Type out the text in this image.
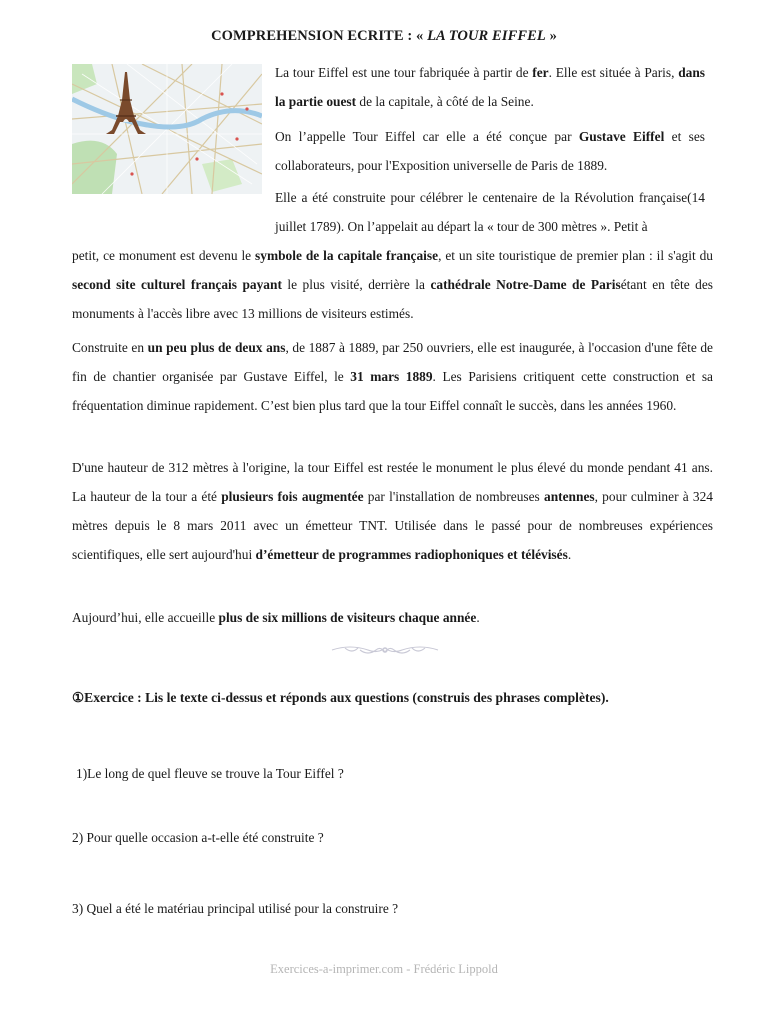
COMPREHENSION ECRITE : « LA TOUR EIFFEL »

La tour Eiffel est une tour fabriquée à partir de fer. Elle est située à Paris, dans la partie ouest de la capitale, à côté de la Seine.

On l’appelle Tour Eiffel car elle a été conçue par Gustave Eiffel et ses collaborateurs, pour l'Exposition universelle de Paris de 1889.

Elle a été construite pour célébrer le centenaire de la Révolution française(14 juillet 1789). On l’appelait au départ la « tour de 300 mètres ». Petit à

petit, ce monument est devenu le symbole de la capitale française, et un site touristique de premier plan : il s'agit du second site culturel français payant le plus visité, derrière la cathédrale Notre-Dame de Parisétant en tête des monuments à l'accès libre avec 13 millions de visiteurs estimés.

Construite en un peu plus de deux ans, de 1887 à 1889, par 250 ouvriers, elle est inaugurée, à l'occasion d'une fête de fin de chantier organisée par Gustave Eiffel, le 31 mars 1889. Les Parisiens critiquent cette construction et sa fréquentation diminue rapidement. C’est bien plus tard que la tour Eiffel connaît le succès, dans les années 1960.

D'une hauteur de 312 mètres à l'origine, la tour Eiffel est restée le monument le plus élevé du monde pendant 41 ans. La hauteur de la tour a été plusieurs fois augmentée par l'installation de nombreuses antennes, pour culminer à 324 mètres depuis le 8 mars 2011 avec un émetteur TNT. Utilisée dans le passé pour de nombreuses expériences scientifiques, elle sert aujourd'hui d’émetteur de programmes radiophoniques et télévisés.

Aujourd’hui, elle accueille plus de six millions de visiteurs chaque année.

①Exercice : Lis le texte ci-dessus et réponds aux questions (construis des phrases complètes).
1)Le long de quel fleuve se trouve la Tour Eiffel ?
2) Pour quelle occasion a-t-elle été construite ?
3) Quel a été le matériau principal utilisé pour la construire ?
Exercices-a-imprimer.com - Frédéric Lippold
